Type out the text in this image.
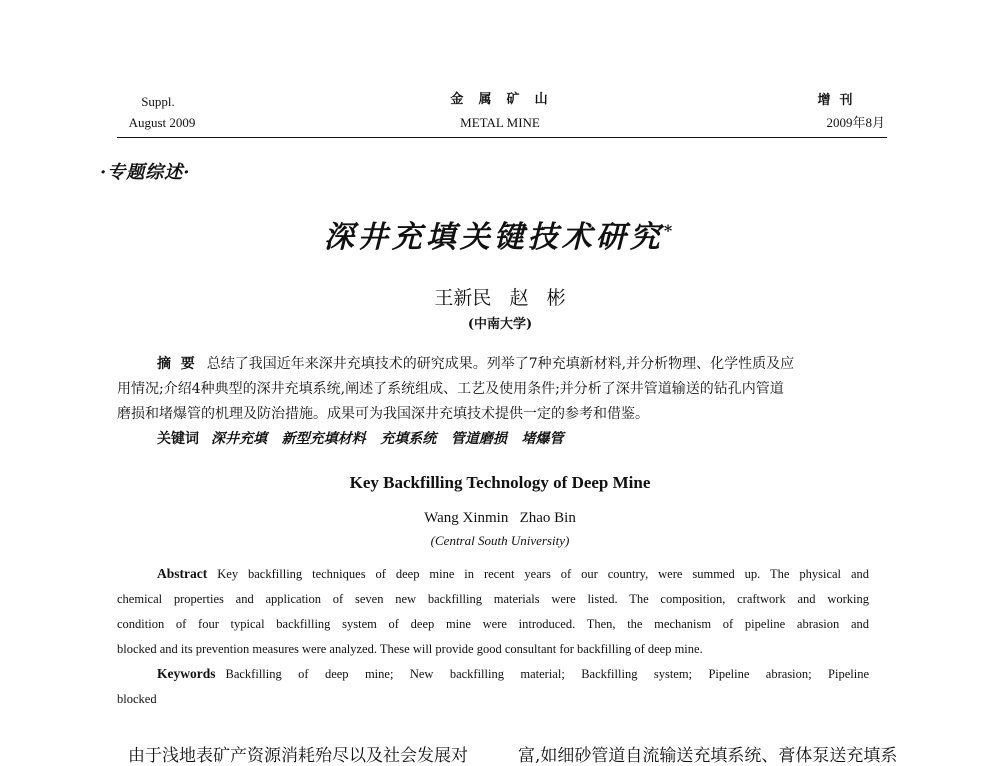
Suppl.
August 2009
金  属  矿  山
METAL MINE
增  刊
2009年8月
·专题综述·
深井充填关键技术研究*
王新民   赵   彬
(中南大学)
摘  要 总结了我国近年来深井充填技术的研究成果。列举了7种充填新材料,并分析物理、化学性质及应
用情况;介绍4种典型的深井充填系统,阐述了系统组成、工艺及使用条件;并分析了深井管道输送的钻孔内管道
磨损和堵爆管的机理及防治措施。成果可为我国深井充填技术提供一定的参考和借鉴。
关键词 深井充填   新型充填材料   充填系统   管道磨损   堵爆管
Key Backfilling Technology of Deep Mine
Wang Xinmin   Zhao Bin
(Central South University)
Abstract Key backfilling techniques of deep mine in recent years of our country, were summed up. The physical and
chemical properties and application of seven new backfilling materials were listed. The composition, craftwork and working
condition of four typical backfilling system of deep mine were introduced. Then, the mechanism of pipeline abrasion and
blocked and its prevention measures were analyzed. These will provide good consultant for backfilling of deep mine.
Keywords Backfilling of deep mine; New backfilling material; Backfilling system; Pipeline abrasion; Pipeline
blocked
由于浅地表矿产资源消耗殆尽以及社会发展对	富,如细砂管道自流输送充填系统、膏体泵送充填系
